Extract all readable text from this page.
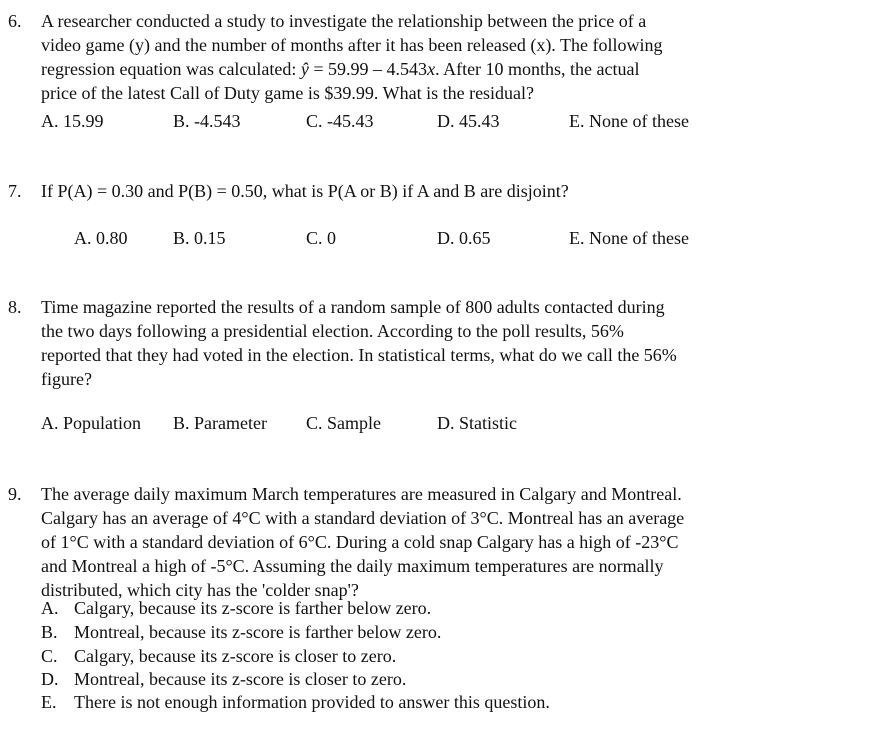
6. A researcher conducted a study to investigate the relationship between the price of a
video game (y) and the number of months after it has been released (x). The following
regression equation was calculated: ŷ = 59.99 – 4.543x. After 10 months, the actual
price of the latest Call of Duty game is $39.99. What is the residual?
A. 15.99	B. -4.543	C. -45.43	D. 45.43	E. None of these
7. If P(A) = 0.30 and P(B) = 0.50, what is P(A or B) if A and B are disjoint?
A. 0.80	B. 0.15	C. 0	D. 0.65	E. None of these
8. Time magazine reported the results of a random sample of 800 adults contacted during
the two days following a presidential election. According to the poll results, 56%
reported that they had voted in the election. In statistical terms, what do we call the 56%
figure?
A. Population B. Parameter C. Sample	D. Statistic
9. The average daily maximum March temperatures are measured in Calgary and Montreal.
Calgary has an average of 4°C with a standard deviation of 3°C. Montreal has an average
of 1°C with a standard deviation of 6°C. During a cold snap Calgary has a high of -23°C
and Montreal a high of -5°C. Assuming the daily maximum temperatures are normally
distributed, which city has the 'colder snap'?
A. Calgary, because its z-score is farther below zero.
B. Montreal, because its z-score is farther below zero.
C. Calgary, because its z-score is closer to zero.
D. Montreal, because its z-score is closer to zero.
E. There is not enough information provided to answer this question.
